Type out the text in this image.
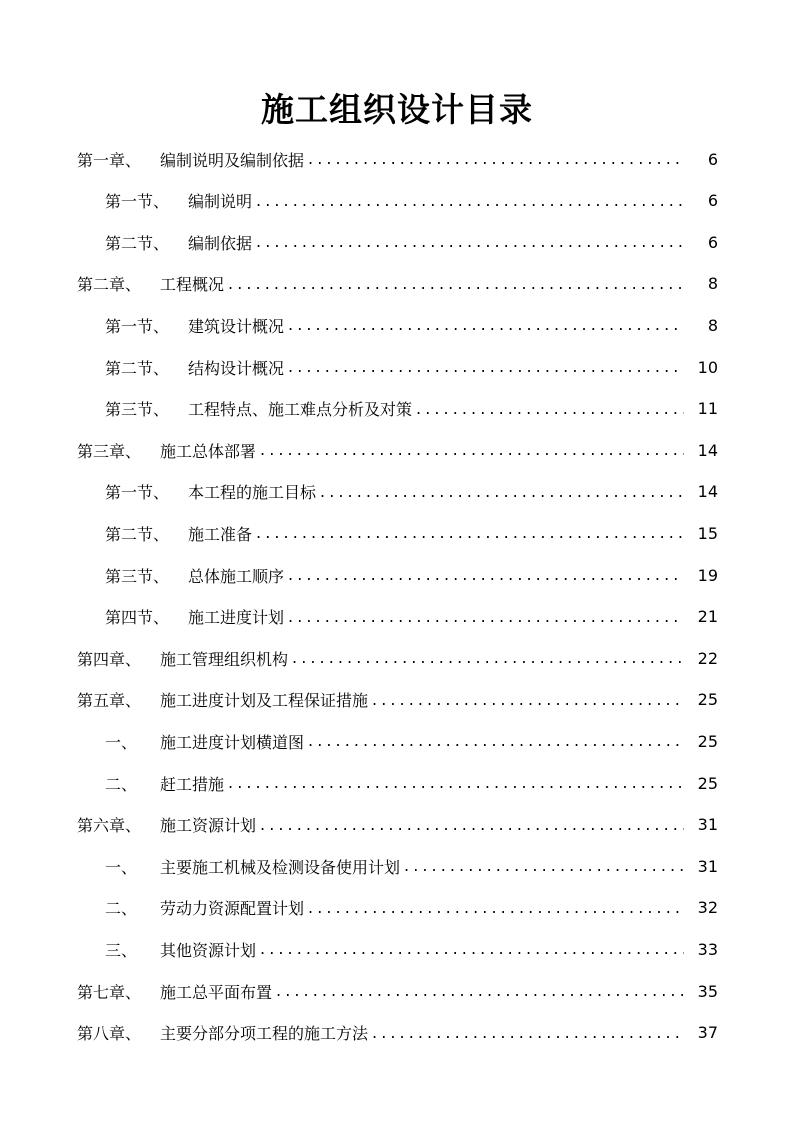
施工组织设计目录
第一章、	编制说明及编制依据 . . .	6
第一节、	编制说明 . . .	6
第二节、	编制依据 . . .	6
第二章、	工程概况 . . .	8
第一节、	建筑设计概况 . . .	8
第二节、	结构设计概况 . . .	10
第三节、	工程特点、施工难点分析及对策 . . .	11
第三章、	施工总体部署 . . .	14
第一节、	本工程的施工目标 . . .	14
第二节、	施工准备 . . .	15
第三节、	总体施工顺序 . . .	19
第四节、	施工进度计划 . . .	21
第四章、	施工管理组织机构 . . .	22
第五章、	施工进度计划及工程保证措施 . . .	25
一、	施工进度计划横道图 . . .	25
二、	赶工措施 . . .	25
第六章、	施工资源计划 . . .	31
一、	主要施工机械及检测设备使用计划 . . .	31
二、	劳动力资源配置计划 . . .	32
三、	其他资源计划 . . .	33
第七章、	施工总平面布置 . . .	35
第八章、	主要分部分项工程的施工方法 . . .	37
